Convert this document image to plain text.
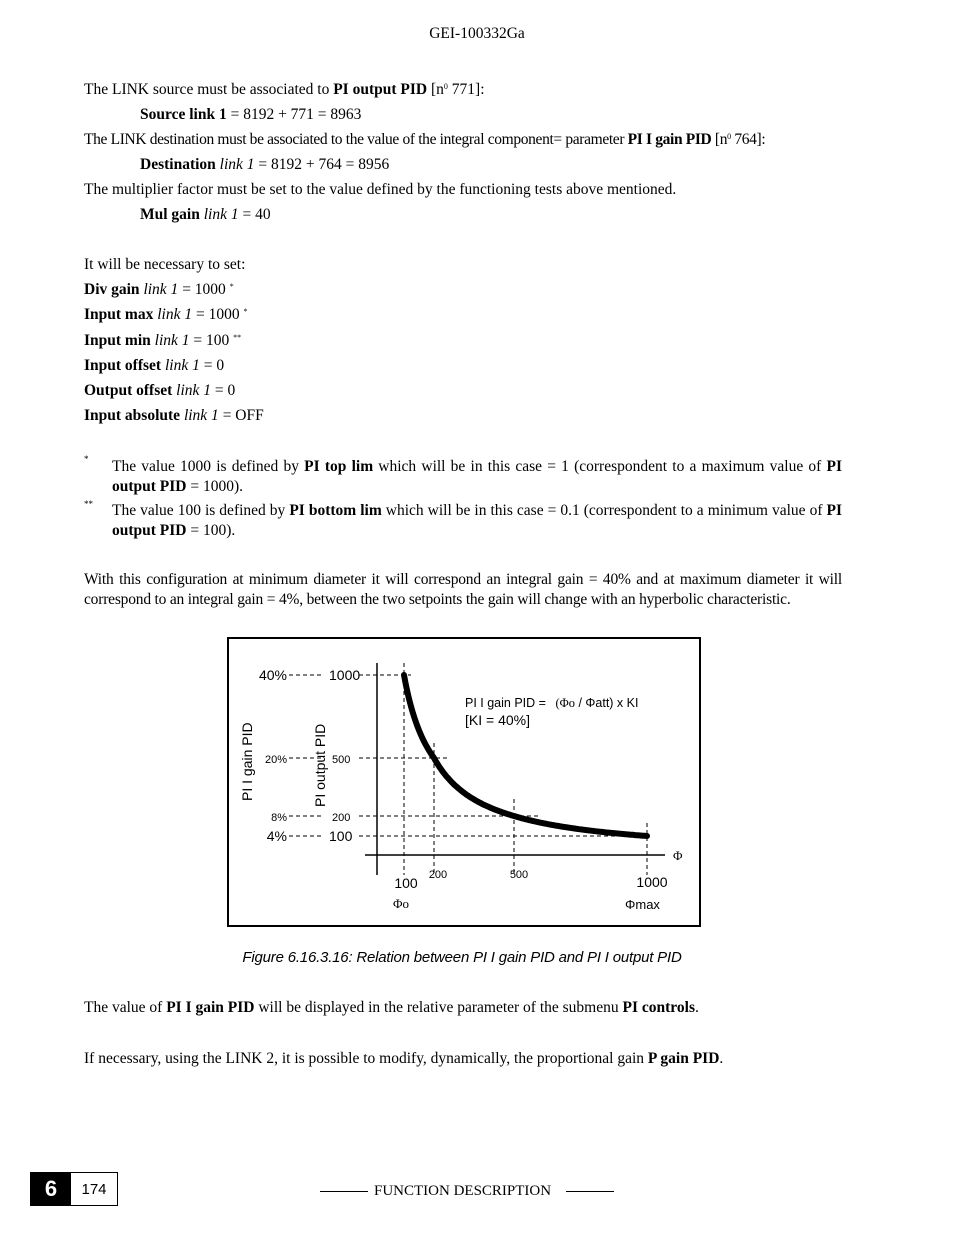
GEI-100332Ga
The LINK source must be associated to PI output PID [$n^0$ 771]:
Source link 1 = 8192 + 771 = 8963
The LINK destination must be associated to the value of the integral component= parameter PI I gain PID [$n^0$ 764]:
Destination link 1 = 8192 + 764 = 8956
The multiplier factor must be set to the value defined by the functioning tests above mentioned.
Mul gain link 1 = 40
It will be necessary to set:
Div gain link 1 = 1000 *
Input max link 1 = 1000 *
Input min link 1 = 100 **
Input offset link 1 = 0
Output offset link 1 = 0
Input absolute link 1 = OFF
* The value 1000 is defined by PI top lim which will be in this case = 1 (correspondent to a maximum value of PI output PID = 1000).
** The value 100 is defined by PI bottom lim which will be in this case = 0.1 (correspondent to a minimum value of PI output PID = 100).
With this configuration at minimum diameter it will correspond an integral gain = 40% and at maximum diameter it will correspond to an integral gain = 4%, between the two setpoints the gain will change with an hyperbolic characteristic.
40%
20%
8%
4%
1000
500
200
100
100 200	500	1000
PI I gain PID	PI output PID
PI I gain PID = (Φo / Φatt) x KI
[KI = 40%]
Φ
Φo	Φmax
Figure 6.16.3.16: Relation between PI I gain PID and PI I output PID
The value of PI I gain PID will be displayed in the relative parameter of the submenu PI controls.
If necessary, using the LINK 2, it is possible to modify, dynamically, the proportional gain P gain PID.
6	174	FUNCTION DESCRIPTION
